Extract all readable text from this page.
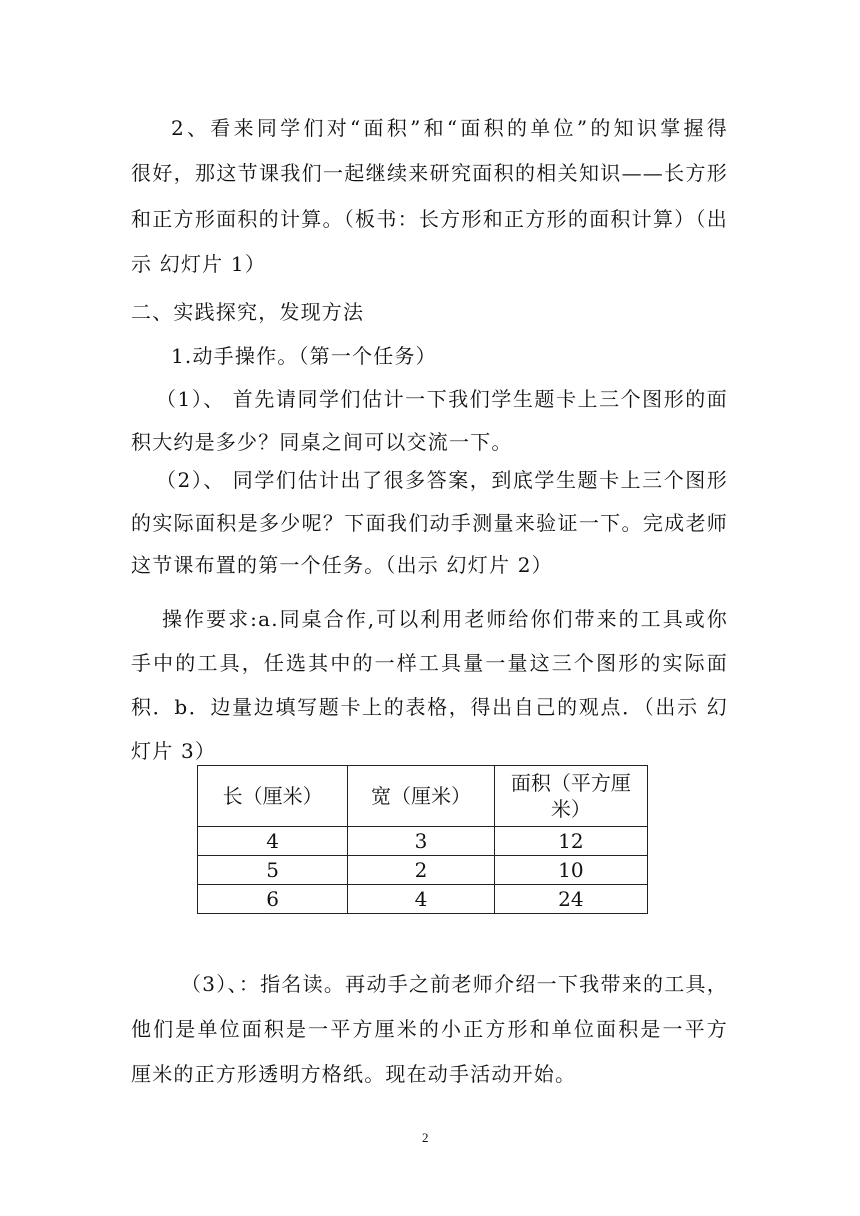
2、看来同学们对“面积”和“面积的单位”的知识掌握得
很好，那这节课我们一起继续来研究面积的相关知识——长方形
和正方形面积的计算。（板书：长方形和正方形的面积计算）（出
示 幻灯片 1）
二、实践探究，发现方法
1.动手操作。（第一个任务）
（1）、 首先请同学们估计一下我们学生题卡上三个图形的面
积大约是多少？同桌之间可以交流一下。
（2）、 同学们估计出了很多答案，到底学生题卡上三个图形
的实际面积是多少呢？下面我们动手测量来验证一下。完成老师
这节课布置的第一个任务。（出示 幻灯片 2）
操作要求:a.同桌合作,可以利用老师给你们带来的工具或你
手中的工具，任选其中的一样工具量一量这三个图形的实际面
积．b．边量边填写题卡上的表格，得出自己的观点．（出示 幻
灯片 3）
长（厘米）	宽（厘米）	面积（平方厘
米）

4	3	12
5	2	10
6	4	24
（3）、：指名读。再动手之前老师介绍一下我带来的工具，
他们是单位面积是一平方厘米的小正方形和单位面积是一平方
厘米的正方形透明方格纸。现在动手活动开始。
2
